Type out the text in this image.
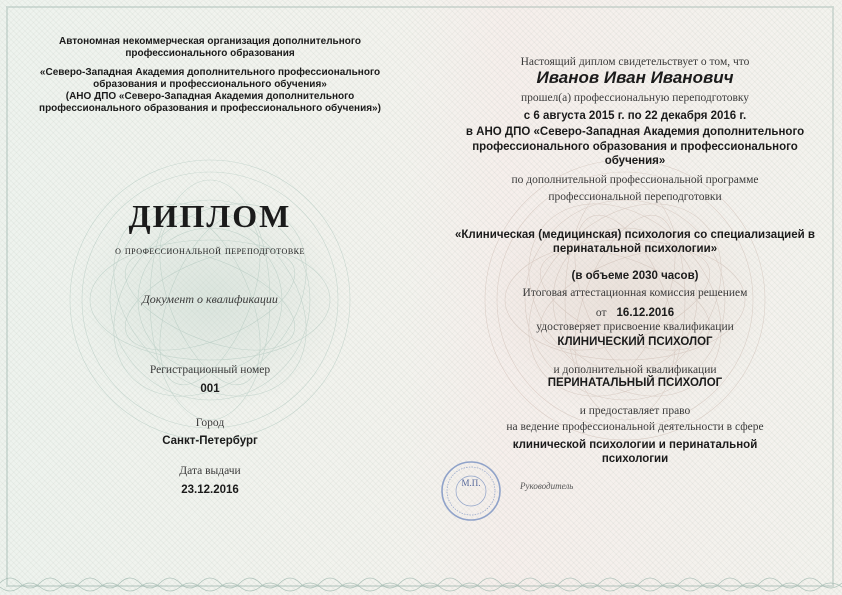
Автономная некоммерческая организация дополнительного
профессионального образования
«Северо-Западная Академия дополнительного профессионального
образования и профессионального обучения»
(АНО ДПО «Северо-Западная Академия дополнительного
профессионального образования и профессионального обучения»)
ДИПЛОМ
о профессиональной переподготовке
Документ о квалификации
Регистрационный номер
001
Город
Санкт-Петербург
Дата выдачи
23.12.2016
Настоящий диплом свидетельствует о том, что
Иванов Иван Иванович
прошел(а) профессиональную переподготовку
с 6 августа 2015 г. по 22 декабря 2016 г.
в АНО ДПО «Северо-Западная Академия дополнительного
профессионального образования и профессионального
обучения»
по дополнительной профессиональной программе
профессиональной переподготовки
«Клиническая (медицинская) психология со специализацией в
перинатальной психологии»
(в объеме 2030 часов)
Итоговая аттестационная комиссия решением
от 16.12.2016
удостоверяет присвоение квалификации
КЛИНИЧЕСКИЙ ПСИХОЛОГ
и дополнительной квалификации
ПЕРИНАТАЛЬНЫЙ ПСИХОЛОГ
и предоставляет право
на ведение профессиональной деятельности в сфере
клинической психологии и перинатальной
психологии
Руководитель
М.П.
